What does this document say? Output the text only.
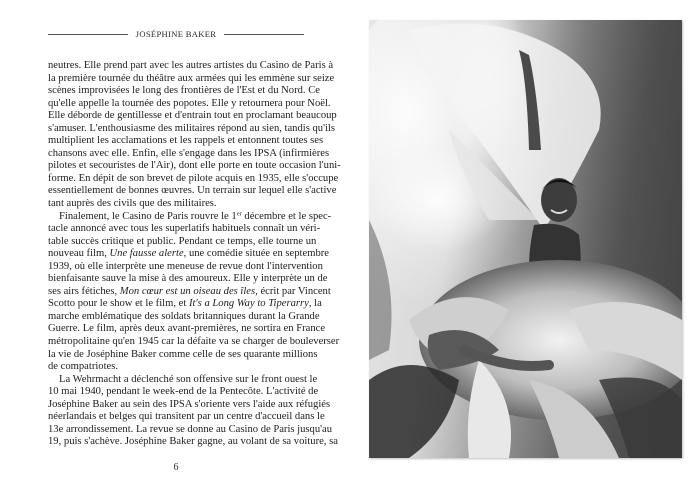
JOSÉPHINE BAKER
neutres. Elle prend part avec les autres artistes du Casino de Paris à
la première tournée du théâtre aux armées qui les emmène sur seize
scènes improvisées le long des frontières de l'Est et du Nord. Ce
qu'elle appelle la tournée des popotes. Elle y retournera pour Noël.
Elle déborde de gentillesse et d'entrain tout en proclamant beaucoup
s'amuser. L'enthousiasme des militaires répond au sien, tandis qu'ils
multiplient les acclamations et les rappels et entonnent toutes ses
chansons avec elle. Enfin, elle s'engage dans les IPSA (infirmières
pilotes et secouristes de l'Air), dont elle porte en toute occasion l'uni-
forme. En dépit de son brevet de pilote acquis en 1935, elle s'occupe
essentiellement de bonnes œuvres. Un terrain sur lequel elle s'active
tant auprès des civils que des militaires.
Finalement, le Casino de Paris rouvre le 1er décembre et le spec-
tacle annoncé avec tous les superlatifs habituels connaît un véri-
table succès critique et public. Pendant ce temps, elle tourne un
nouveau film, Une fausse alerte, une comédie située en septembre
1939, où elle interprète une meneuse de revue dont l'intervention
bienfaisante sauve la mise à des amoureux. Elle y interprète un de
ses airs fétiches, Mon cœur est un oiseau des îles, écrit par Vincent
Scotto pour le show et le film, et It's a Long Way to Tiperarry, la
marche emblématique des soldats britanniques durant la Grande
Guerre. Le film, après deux avant-premières, ne sortira en France
métropolitaine qu'en 1945 car la défaite va se charger de bouleverser
la vie de Joséphine Baker comme celle de ses quarante millions
de compatriotes.
La Wehrmacht a déclenché son offensive sur le front ouest le
10 mai 1940, pendant le week-end de la Pentecôte. L'activité de
Joséphine Baker au sein des IPSA s'oriente vers l'aide aux réfugiés
néerlandais et belges qui transitent par un centre d'accueil dans le
13e arrondissement. La revue se donne au Casino de Paris jusqu'au
19, puis s'achève. Joséphine Baker gagne, au volant de sa voiture, sa
6
